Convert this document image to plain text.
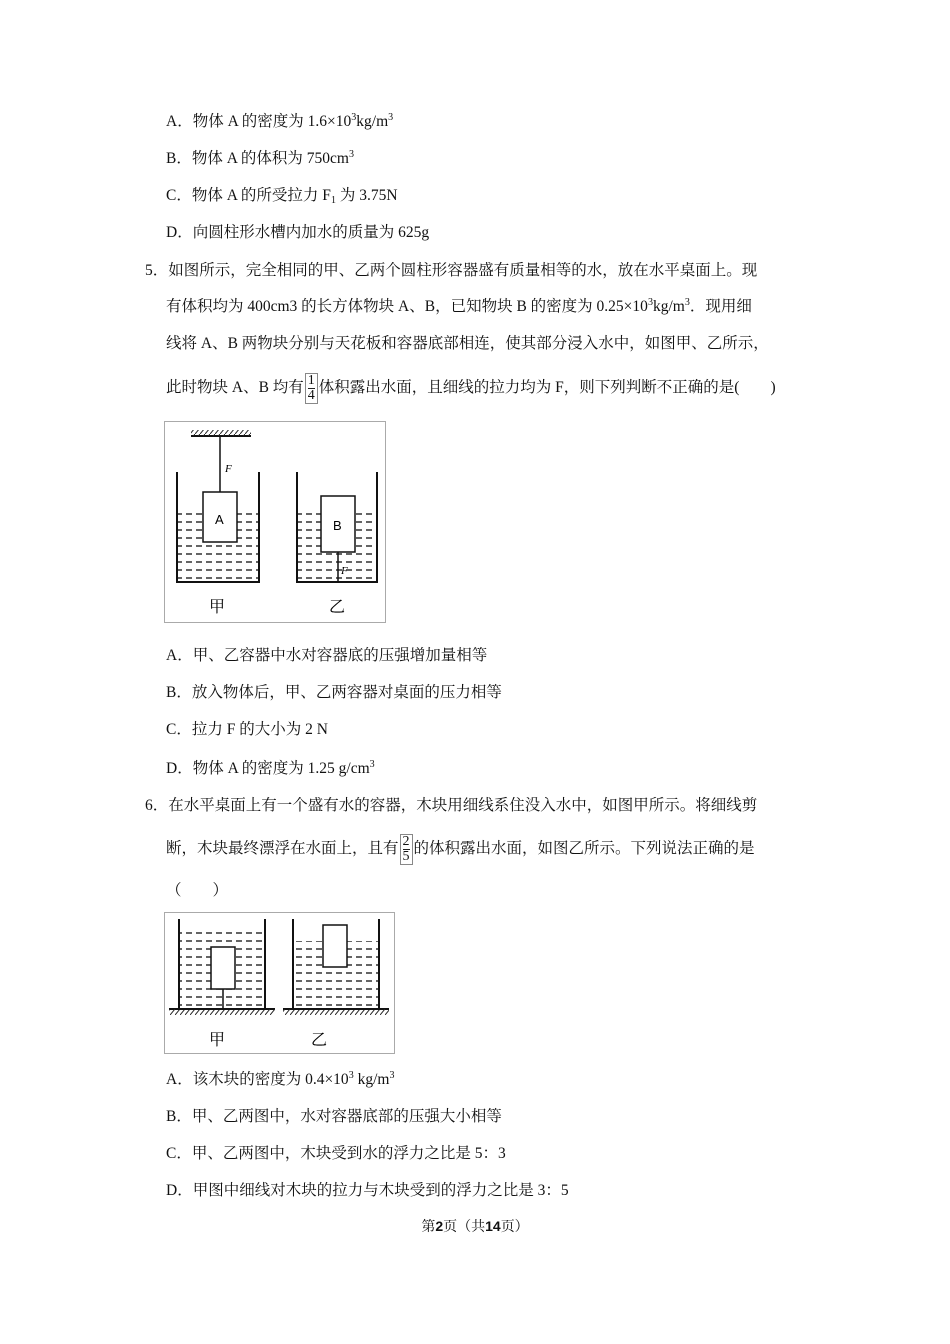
A．物体 A 的密度为 $1.6\times 10^3kg/m^3$
B．物体 A 的体积为 $750cm^3$
C．物体 A 的所受拉力 $F_1$ 为 3.75N
D．向圆柱形水槽内加水的质量为 625g
5．如图所示，完全相同的甲、乙两个圆柱形容器盛有质量相等的水，放在水平桌面上。现
有体积均为 400cm3 的长方体物块 A、B，已知物块 B 的密度为 $0.25\times 10^3kg/m^3$．现用细
线将 A、B 两物块分别与天花板和容器底部相连，使其部分浸入水中，如图甲、乙所示，
此时物块 A、B 均有 $\frac{1}{4}$ 体积露出水面，且细线的拉力均为 F，则下列判断不正确的是(　　)
F
A	B
F
甲	乙
A．甲、乙容器中水对容器底的压强增加量相等
B．放入物体后，甲、乙两容器对桌面的压力相等
C．拉力 F 的大小为 2 N
D．物体 A 的密度为 1.25 $g/cm^3$
6．在水平桌面上有一个盛有水的容器，木块用细线系住没入水中，如图甲所示。将细线剪
断，木块最终漂浮在水面上，且有 $\frac{2}{5}$ 的体积露出水面，如图乙所示。下列说法正确的是
（　　）
甲	乙
A．该木块的密度为 $0.4\times 10^3$ $kg/m^3$
B．甲、乙两图中，水对容器底部的压强大小相等
C．甲、乙两图中，木块受到水的浮力之比是 5：3
D．甲图中细线对木块的拉力与木块受到的浮力之比是 3：5
第2页（共14页）
